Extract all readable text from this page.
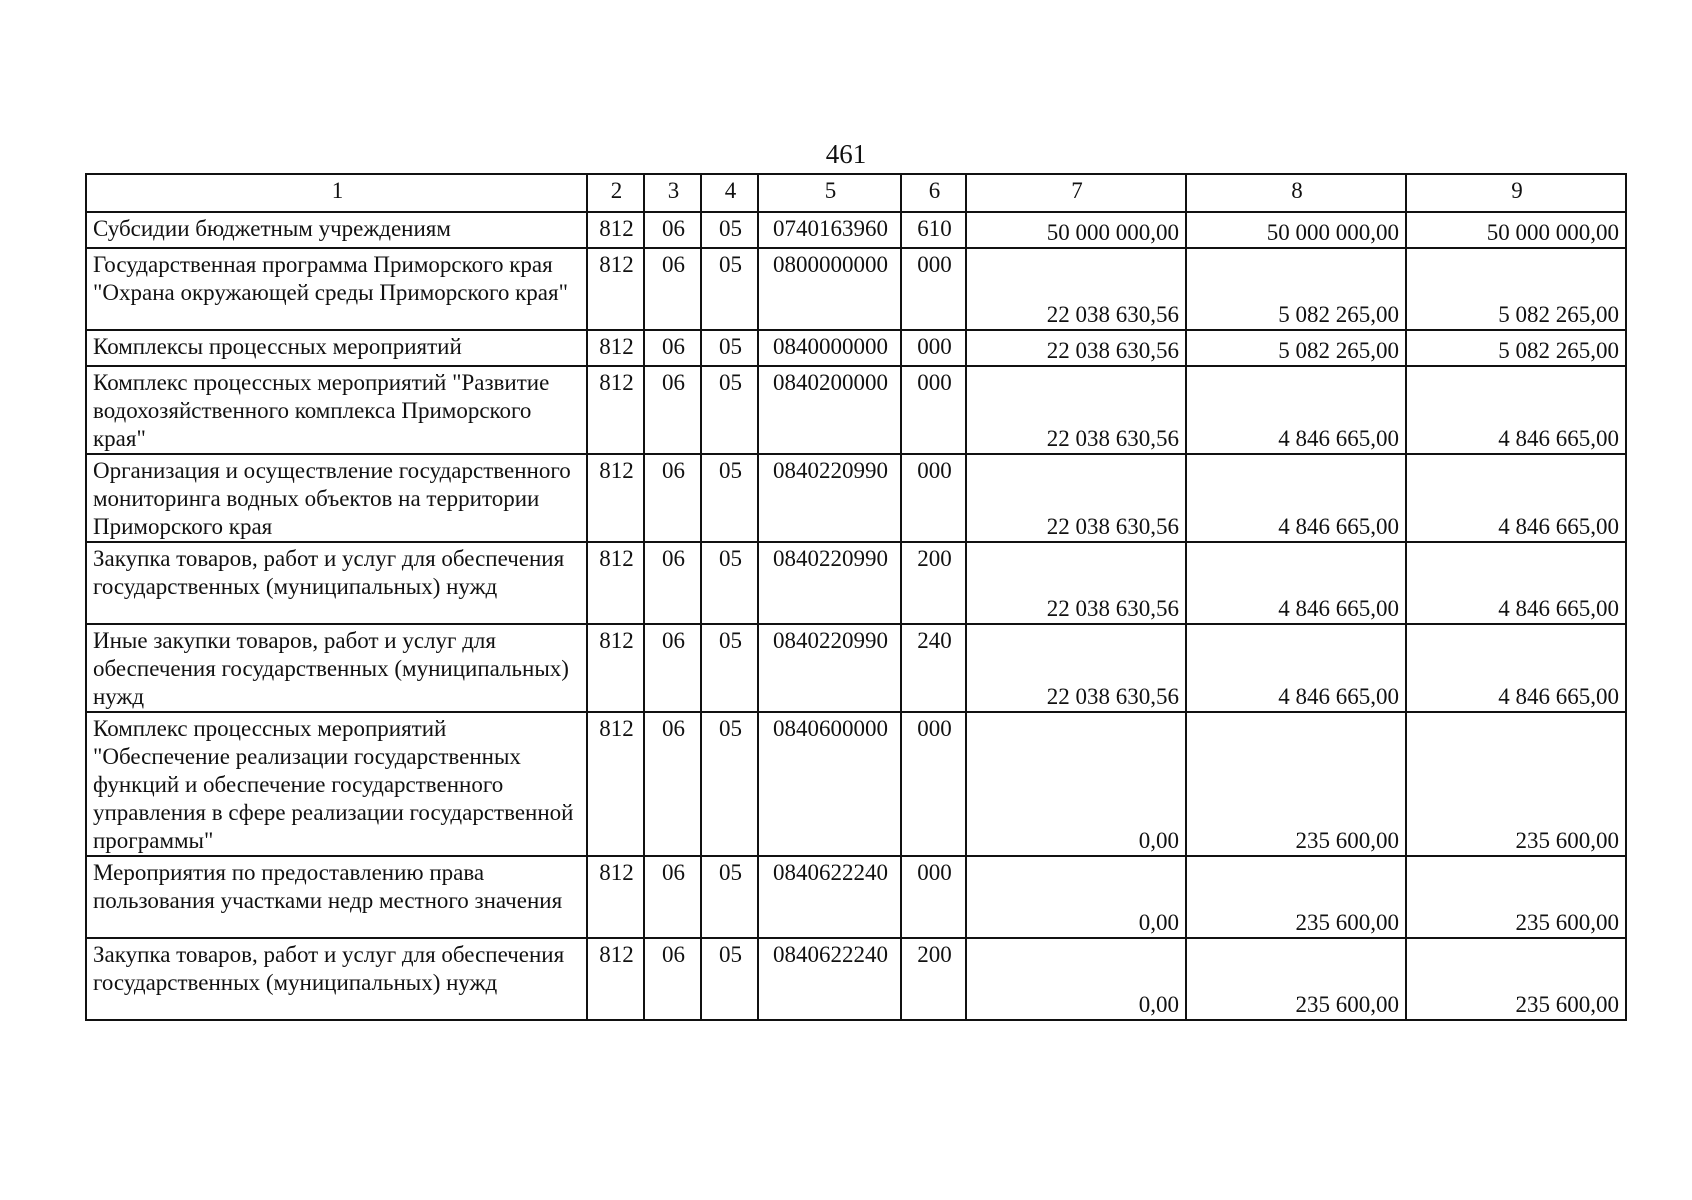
461
1	2	3	4	5	6	7	8	9
Субсидии бюджетным учреждениям	812	06	05	0740163960	610	50 000 000,00	50 000 000,00	50 000 000,00
Государственная программа Приморского края "Охрана окружающей среды Приморского края"	812	06	05	0800000000	000	22 038 630,56	5 082 265,00	5 082 265,00
Комплексы процессных мероприятий	812	06	05	0840000000	000	22 038 630,56	5 082 265,00	5 082 265,00
Комплекс процессных мероприятий "Развитие водохозяйственного комплекса Приморского края"	812	06	05	0840200000	000	22 038 630,56	4 846 665,00	4 846 665,00
Организация и осуществление государственного мониторинга водных объектов на территории Приморского края	812	06	05	0840220990	000	22 038 630,56	4 846 665,00	4 846 665,00
Закупка товаров, работ и услуг для обеспечения государственных (муниципальных) нужд	812	06	05	0840220990	200	22 038 630,56	4 846 665,00	4 846 665,00
Иные закупки товаров, работ и услуг для обеспечения государственных (муниципальных) нужд	812	06	05	0840220990	240	22 038 630,56	4 846 665,00	4 846 665,00
Комплекс процессных мероприятий "Обеспечение реализации государственных функций и обеспечение государственного управления в сфере реализации государственной программы"	812	06	05	0840600000	000	0,00	235 600,00	235 600,00
Мероприятия по предоставлению права пользования участками недр местного значения	812	06	05	0840622240	000	0,00	235 600,00	235 600,00
Закупка товаров, работ и услуг для обеспечения государственных (муниципальных) нужд	812	06	05	0840622240	200	0,00	235 600,00	235 600,00
